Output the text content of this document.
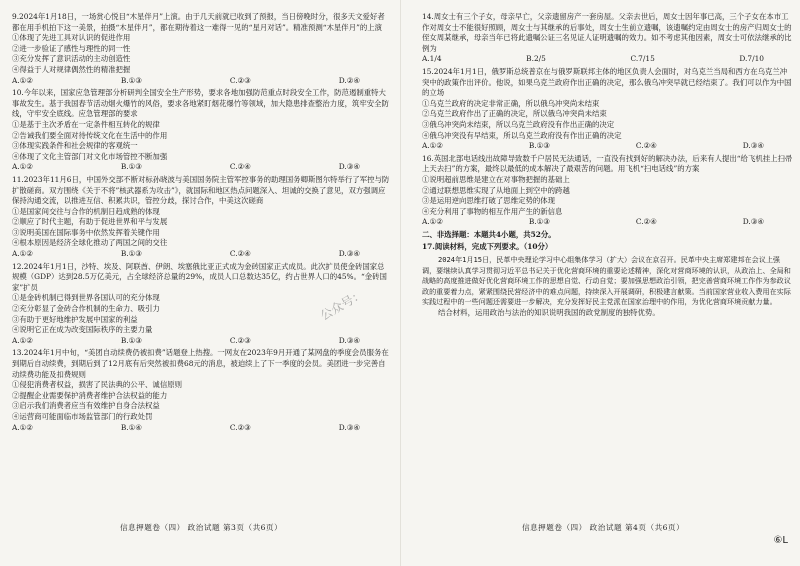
9.2024年1月18日，一场赏心悦目“木星伴月”上演。由于几天前就已收到了预报，当日傍晚时分，很多天文爱好者都在用手机拍下这一美景，拍摄“木星伴月”，都在期待着这一难得一见的“星月对话”。精准预测“木星伴月”的上演
①体现了先进工具对认识的促进作用
②进一步验证了感性与理性的同一性
③充分发挥了意识活动的主动创造性
④得益于人对规律偶然性的精准把握
A.①②	B.①③	C.②③	D.②④
10.今年以来，国家应急管理部分析研判全国安全生产形势，要求各地加强防范重点时段安全工作，防范遏制重特大事故发生。基于我国春节活动烟火爆竹的风俗，要求各地紧盯烟花爆竹等领域，加大隐患排查整治力度，筑牢安全防线，守牢安全底线。应急管理部的要求
①是基于主次矛盾在一定条件相互转化的规律
②告诫我们要全面对待传统文化在生活中的作用
③体现实践条件和社会规律的客观统一
④体现了文化主管部门对文化市场管控不断加强
A.①②	B.①③	C.②④	D.③④
11.2023年11月6日，中国外交部不断对标孙晓波与美国国务院主管军控事务的助理国务卿斯图尔特举行了军控与防扩散磋商。双方围绕《关于不将”核武器系为攻击”》，就国际和地区热点问题深入、坦诚的交换了意见，双方强调应保持沟通交流，以推进互信、积累共识，管控分歧，探讨合作，中美这次磋商
①是国家间交往与合作的机制日趋成熟的体现
②顺应了时代主题，有助于促进世界和平与发展
③说明美国在国际事务中依然发挥着关键作用
④根本原因是经济全球化推动了两国之间的交往
A.①②	B.①③	C.②④	D.③④
12.2024年1月1日，沙特、埃及、阿联酋、伊朗、埃塞俄比亚正式成为金砖国家正式成员。此次扩员使金砖国家总规模（GDP）达到28.5万亿美元，占全球经济总量的29%，成员人口总数达35亿，约占世界人口的45%。“金砖国家”扩员
①是金砖机制已得到世界各国认可的充分体现
②充分彰显了金砖合作机制的生命力、吸引力
③有助于更好地维护发展中国家的利益
④说明它正在成为改变国际秩序的主要力量
A.①②	B.①③	C.②③	D.③④
13.2024年1月中旬，“美团自动续费仍被扣费”话题登上热搜。一网友在2023年9月开通了某网盘的季度会员服务在到期后自动续费，到期后到了12月底有后突然被扣费68元的消息，被迫续上了下一季度的会员。美团进一步完善自动续费功能及扣费规则
①侵犯消费者权益，损害了民法典的公平、诚信原则
②提醒企业需要保护消费者维护合法权益的能力
③启示我们消费者应当有效维护自身合法权益
④运营商可能面临市场监管部门的行政处罚
A.①②	B.①④	C.②③	D.③④
14.周女士有三个子女，母亲早亡，父亲遗留房产一套房屋。父亲去世后，周女士因年事已高，三个子女在本市工作对周女士不能很好照顾，周女士与其继承的后事处，周女士生前立遗嘱，该遗嘱约定由周女士的房产归周女士的侄女周某继承，母亲当年已将此遗嘱公证三名见证人证明遗嘱的效力。如不考虑其他因素，周女士可依法继承的比例为
A.1/4	B.2/5	C.7/15	D.7/10
15.2024年1月1日，俄罗斯总统普京在与俄罗斯联邦主体的地区负责人会面时，对乌克兰当局和西方在乌克兰冲突中的政策作出评价。他说，如果乌克兰政府作出正确的决定，那么俄乌冲突早就已经结束了。我们可以作为中国的立场
①乌克兰政府的决定非常正确，所以俄乌冲突尚未结束
②乌克兰政府作出了正确的决定，所以俄乌冲突尚未结束
③俄乌冲突尚未结束，所以乌克兰政府没有作出正确的决定
④俄乌冲突没有早结束，所以乌克兰政府没有作出正确的决定
A.①②	B.①③	C.②④	D.③④
16.英国北部电话线出故障导致数千户居民无法通话，一直没有找到好的解决办法，后来有人提出“给飞机挂上扫帚上天去扫”的方案，最终以最低的成本解决了最艰苦的问题。用飞机“扫电话线”的方案
①说明超前思维是建立在对事物把握的基础上
②通过联想思维实现了从地面上到空中的跨越
③是运用逆向思维打破了思维定势的体现
④充分利用了事物的相互作用产生的新信息
A.①②	B.①③	C.②④	D.③④
二、非选择题：本题共4小题，共52分。
17.阅读材料，完成下列要求。（10分）
2024年1月15日，民革中央理论学习中心组集体学习（扩大）会议在京召开。民革中央主席郑建邦在会议上强调，要继续认真学习贯彻习近平总书记关于优化营商环境的重要论述精神，深化对营商环境的认识，从政治上、全局和战略的高度推进做好优化营商环境工作的思想自觉、行动自觉；要加强思想政治引领，把完善营商环境工作作为参政议政的重要着力点，紧紧围绕民营经济中的难点问题，持续深入开展调研，积极建言献策。当前国家营业收入费用在实际实践过程中的一些问题还需要进一步解决，充分发挥好民主党派在国家治理中的作用，为优化营商环境贡献力量。
结合材料，运用政治与法治的知识说明我国的政党制度的独特优势。
信息押题卷（四） 政治试题 第3页（共6页）	信息押题卷（四） 政治试题 第4页（共6页）
公众号：
⑥L
